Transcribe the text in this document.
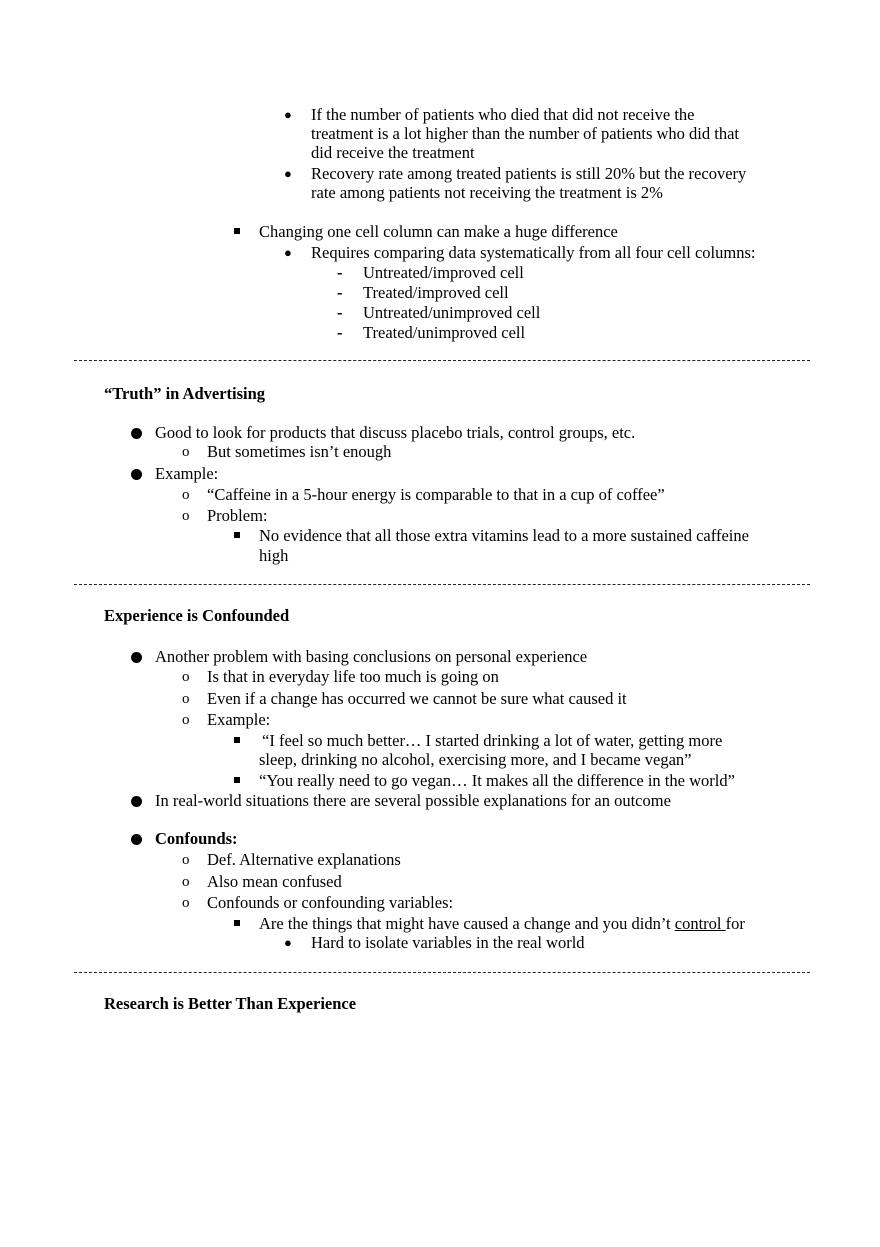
● If the number of patients who died that did not receive the
treatment is a lot higher than the number of patients who did that
did receive the treatment
● Recovery rate among treated patients is still 20% but the recovery
rate among patients not receiving the treatment is 2%
Changing one cell column can make a huge difference
● Requires comparing data systematically from all four cell columns:
- Untreated/improved cell
- Treated/improved cell
- Untreated/unimproved cell
- Treated/unimproved cell
“Truth” in Advertising
Good to look for products that discuss placebo trials, control groups, etc.
o But sometimes isn’t enough
Example:
o “Caffeine in a 5-hour energy is comparable to that in a cup of coffee”
o Problem:
No evidence that all those extra vitamins lead to a more sustained caffeine
high
Experience is Confounded
Another problem with basing conclusions on personal experience
o Is that in everyday life too much is going on
o Even if a change has occurred we cannot be sure what caused it
o Example:
“I feel so much better… I started drinking a lot of water, getting more
sleep, drinking no alcohol, exercising more, and I became vegan”
“You really need to go vegan… It makes all the difference in the world”
In real-world situations there are several possible explanations for an outcome
Confounds:
o Def. Alternative explanations
o Also mean confused
o Confounds or confounding variables:
Are the things that might have caused a change and you didn’t control for
● Hard to isolate variables in the real world
Research is Better Than Experience
